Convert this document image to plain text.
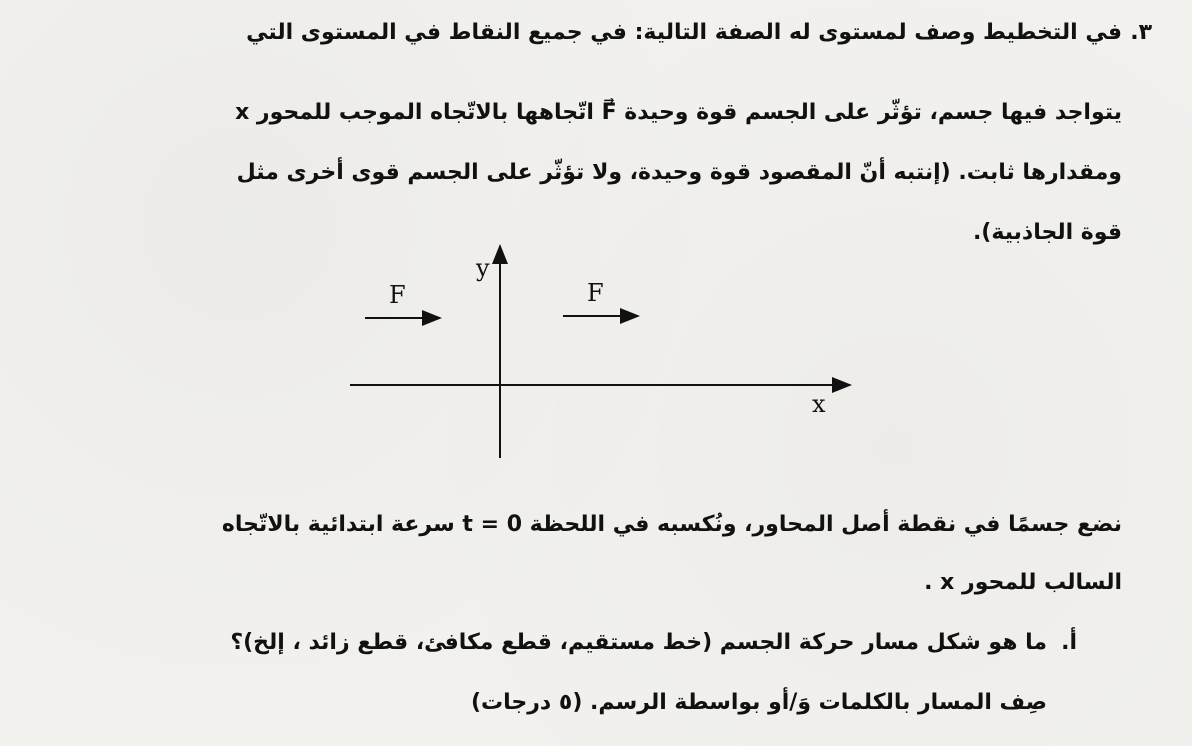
٣.
في التخطيط وصف لمستوى له الصفة التالية: في جميع النقاط في المستوى التي
يتواجد فيها جسم، تؤثّر على الجسم قوة وحيدة F⃗ اتّجاهها بالاتّجاه الموجب للمحور x
ومقدارها ثابت. (إنتبه أنّ المقصود قوة وحيدة، ولا تؤثّر على الجسم قوى أخرى مثل
قوة الجاذبية).
y
x
F	F
نضع جسمًا في نقطة أصل المحاور، ونُكسبه في اللحظة t = 0 سرعة ابتدائية بالاتّجاه
السالب للمحور x .
أ.
ما هو شكل مسار حركة الجسم (خط مستقيم، قطع مكافئ، قطع زائد ، إلخ)؟
صِف المسار بالكلمات وَ/أو بواسطة الرسم. (٥ درجات)
